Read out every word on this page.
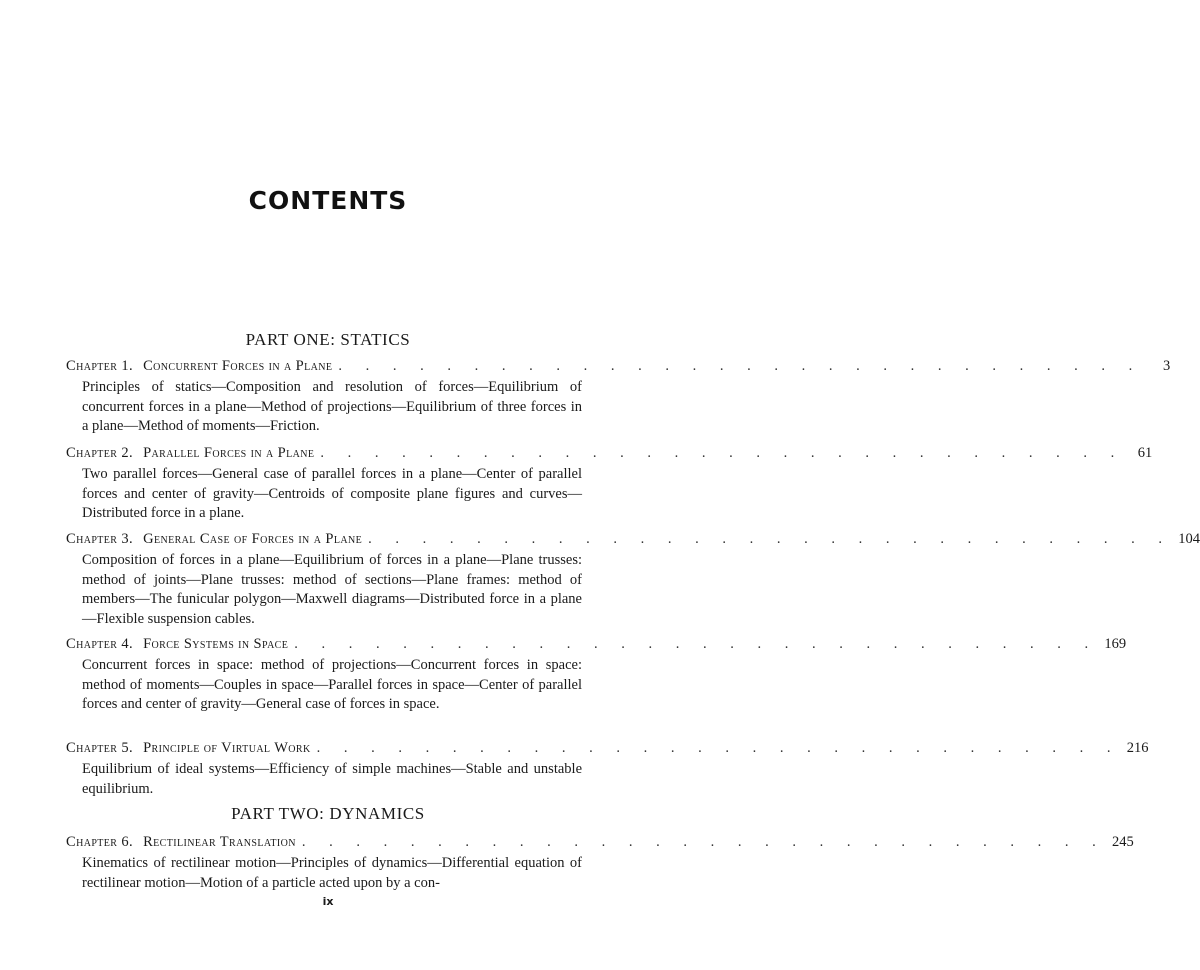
CONTENTS
PART ONE: STATICS
Chapter 1. Concurrent Forces in a Plane . . . . . . . . . . . . . . . . . . . . . . . . . . . . . .	3
Principles of statics—Composition and resolution of forces—Equilibrium of concurrent forces in a plane—Method of projections—Equilibrium of three forces in a plane—Method of moments—Friction.
Chapter 2. Parallel Forces in a Plane . . . . . . . . . . . . . . . . . . . . . . . . . . . . . . 61
Two parallel forces—General case of parallel forces in a plane—Center of parallel forces and center of gravity—Centroids of composite plane figures and curves—Distributed force in a plane.
Chapter 3. General Case of Forces in a Plane . . . . . . . . . . . . . . . . . . . . . . . . . . . . . . 104
Composition of forces in a plane—Equilibrium of forces in a plane—Plane trusses: method of joints—Plane trusses: method of sections—Plane frames: method of members—The funicular polygon—Maxwell diagrams—Distributed force in a plane—Flexible suspension cables.
Chapter 4. Force Systems in Space . . . . . . . . . . . . . . . . . . . . . . . . . . . . . . 169
Concurrent forces in space: method of projections—Concurrent forces in space: method of moments—Couples in space—Parallel forces in space—Center of parallel forces and center of gravity—General case of forces in space.
Chapter 5. Principle of Virtual Work . . . . . . . . . . . . . . . . . . . . . . . . . . . . . . 216
Equilibrium of ideal systems—Efficiency of simple machines—Stable and unstable equilibrium.
PART TWO: DYNAMICS
Chapter 6. Rectilinear Translation . . . . . . . . . . . . . . . . . . . . . . . . . . . . . . 245
Kinematics of rectilinear motion—Principles of dynamics—Differential equation of rectilinear motion—Motion of a particle acted upon by a con-
ix
